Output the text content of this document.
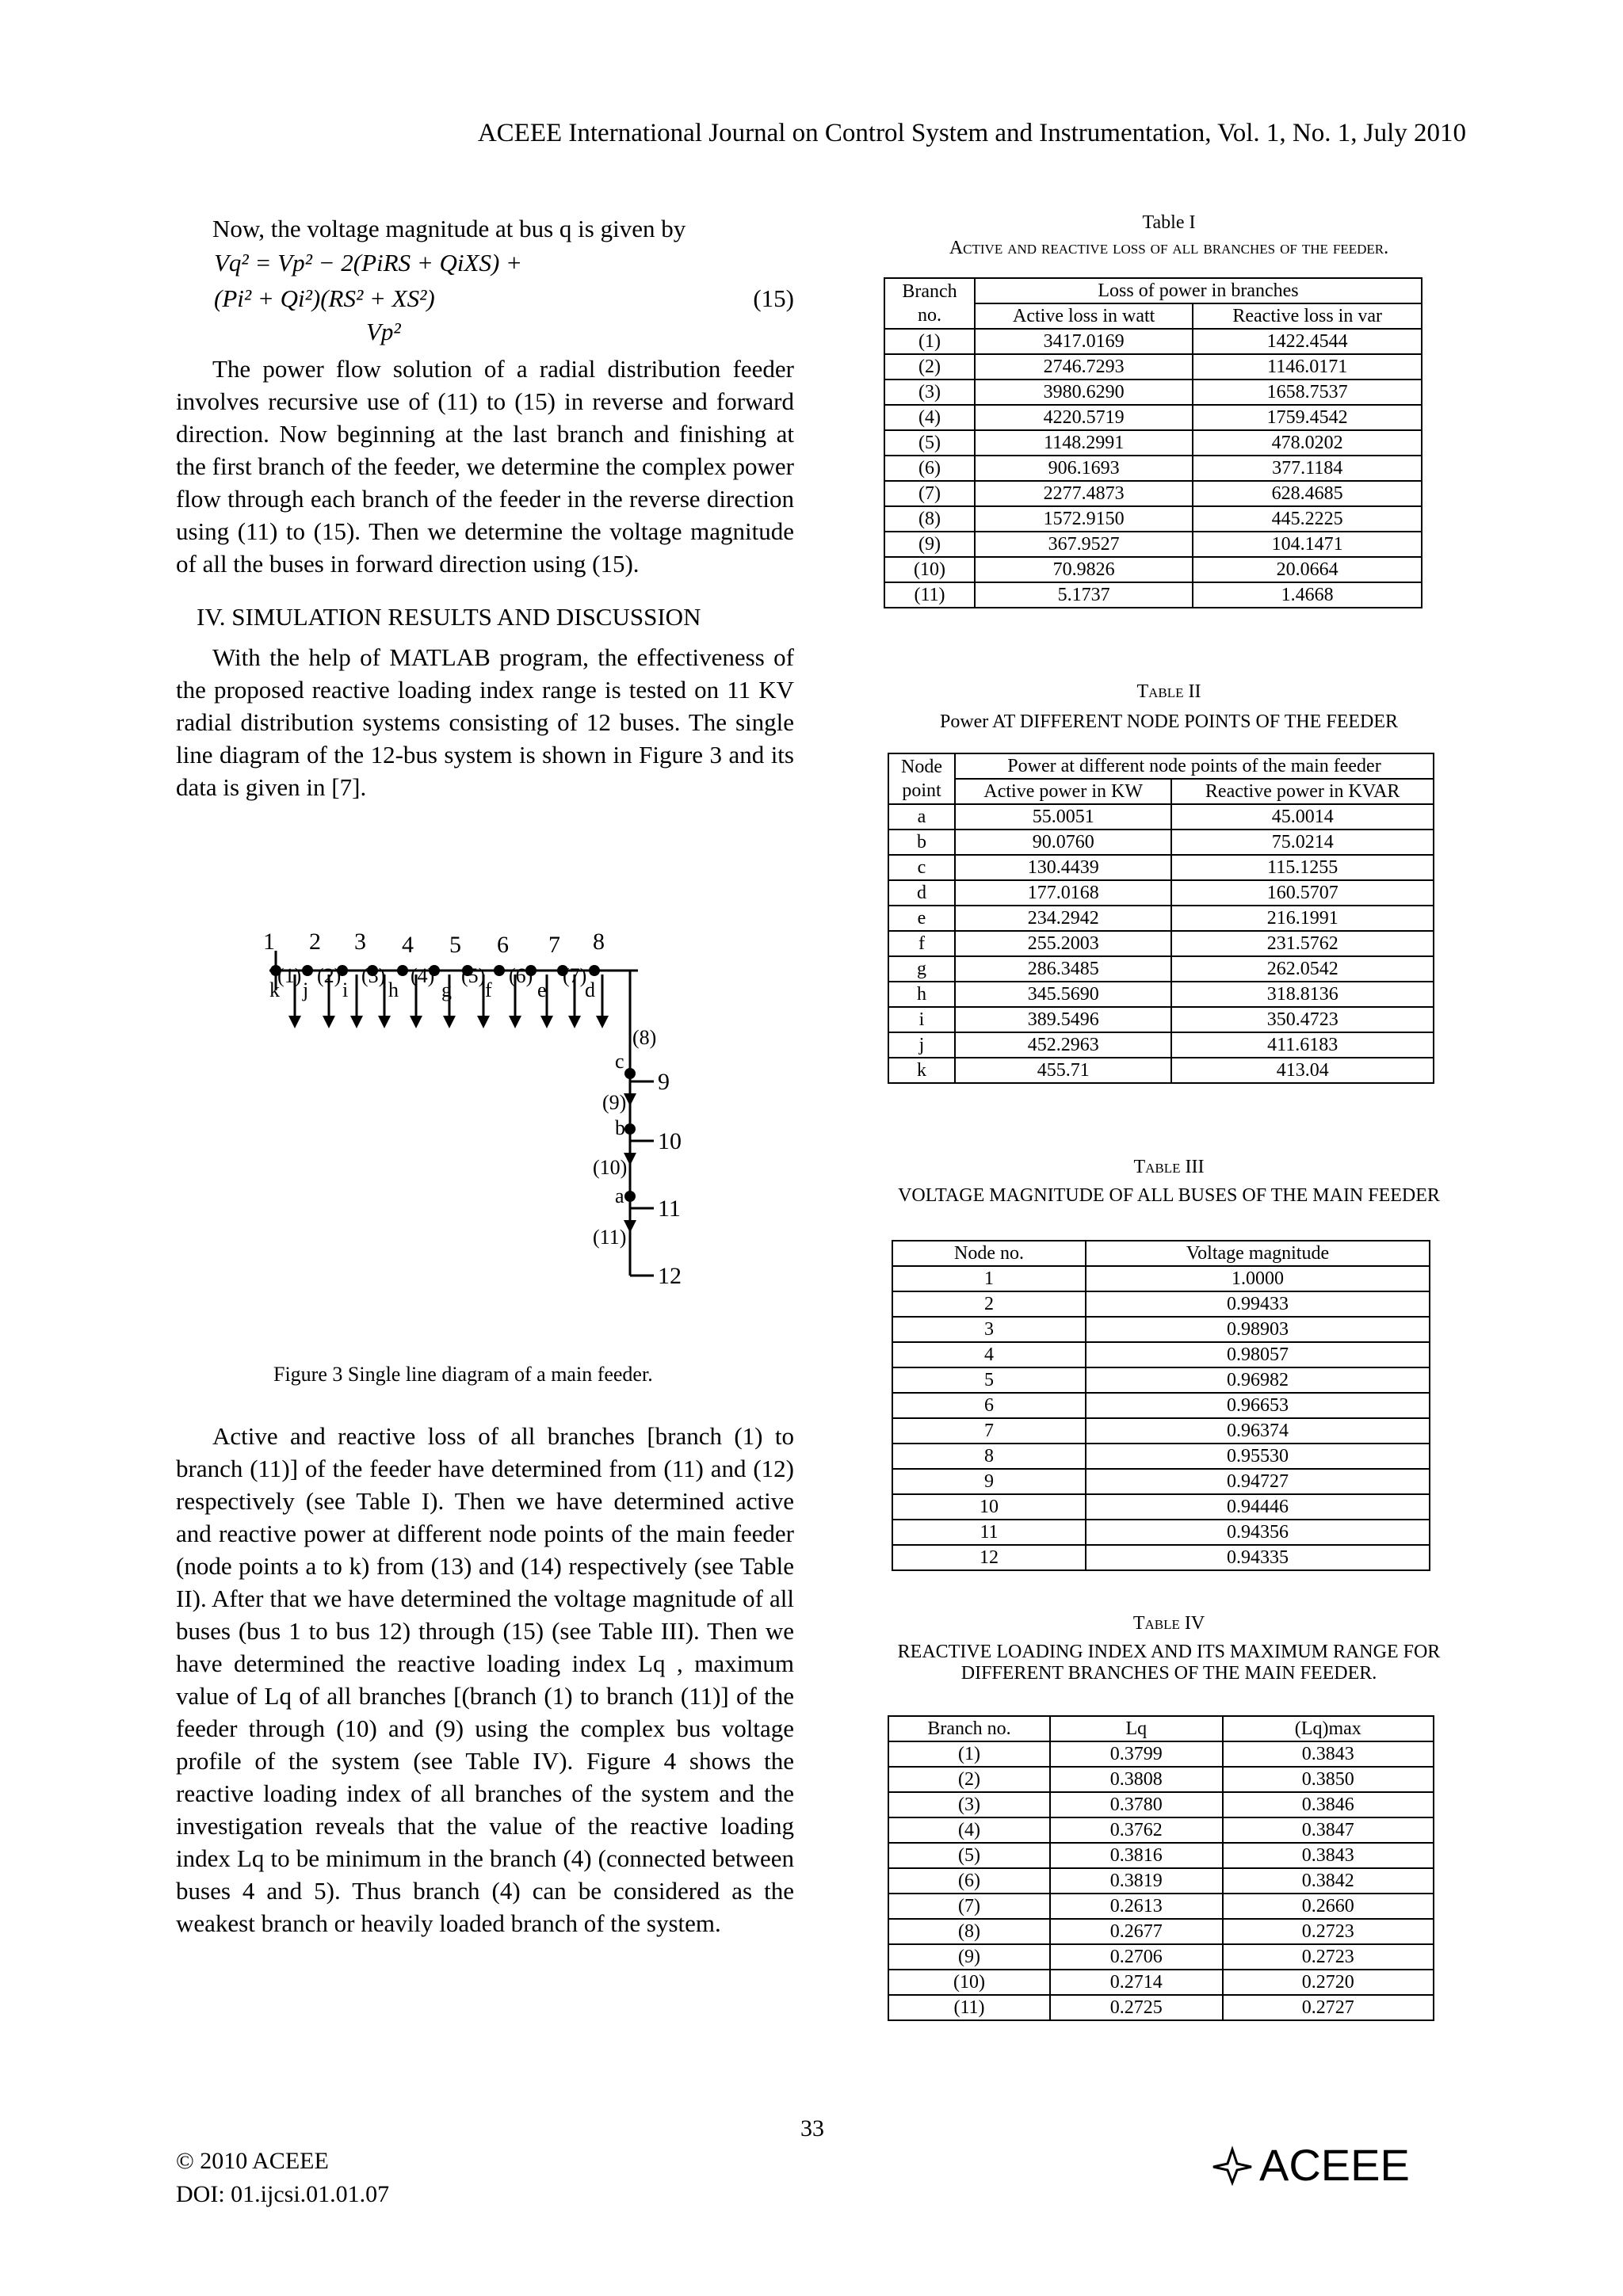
ACEEE International Journal on Control System and Instrumentation, Vol. 1, No. 1, July 2010
Now, the voltage magnitude at bus q is given by
Vq² = Vp² − 2(PiRS + QiXS) +
(Pi² + Qi²)(RS² + XS²)	(15)
Vp²

The power flow solution of a radial distribution feeder involves recursive use of (11) to (15) in reverse and forward direction. Now beginning at the last branch and finishing at the first branch of the feeder, we determine the complex power flow through each branch of the feeder in the reverse direction using (11) to (15). Then we determine the voltage magnitude of all the buses in forward direction using (15).

IV. SIMULATION RESULTS AND DISCUSSION

With the help of MATLAB program, the effectiveness of the proposed reactive loading index range is tested on 11 KV radial distribution systems consisting of 12 buses. The single line diagram of the 12-bus system is shown in Figure 3 and its data is given in [7].

1 2 3 4 5 6 7 8
9
10
11
12
(1) (2) (3) (4) (5) (6) (7)
(8)
(9)
(10)
(11)
k j i h g f e d
c
b
a
Figure 3 Single line diagram of a main feeder.

Active and reactive loss of all branches [branch (1) to branch (11)] of the feeder have determined from (11) and (12) respectively (see Table I). Then we have determined active and reactive power at different node points of the main feeder (node points a to k) from (13) and (14) respectively (see Table II). After that we have determined the voltage magnitude of all buses (bus 1 to bus 12) through (15) (see Table III). Then we have determined the reactive loading index Lq , maximum value of Lq of all branches [(branch (1) to branch (11)] of the feeder through (10) and (9) using the complex bus voltage profile of the system (see Table IV). Figure 4 shows the reactive loading index of all branches of the system and the investigation reveals that the value of the reactive loading index Lq to be minimum in the branch (4) (connected between buses 4 and 5). Thus branch (4) can be considered as the weakest branch or heavily loaded branch of the system.

Table I
Active and reactive loss of all branches of the feeder.
Branch no.	Loss of power in branches	
	Active loss in watt	Reactive loss in var
(1)	3417.0169	1422.4544
(2)	2746.7293	1146.0171
(3)	3980.6290	1658.7537
(4)	4220.5719	1759.4542
(5)	1148.2991	478.0202
(6)	906.1693	377.1184
(7)	2277.4873	628.4685
(8)	1572.9150	445.2225
(9)	367.9527	104.1471
(10)	70.9826	20.0664
(11)	5.1737	1.4668
Table II
Power AT DIFFERENT NODE POINTS OF THE FEEDER
Node point	Power at different node points of the main feeder	
	Active power in KW	Reactive power in KVAR
a	55.0051	45.0014
b	90.0760	75.0214
c	130.4439	115.1255
d	177.0168	160.5707
e	234.2942	216.1991
f	255.2003	231.5762
g	286.3485	262.0542
h	345.5690	318.8136
i	389.5496	350.4723
j	452.2963	411.6183
k	455.71	413.04
Table III
VOLTAGE MAGNITUDE OF ALL BUSES OF THE MAIN FEEDER
Node no.	Voltage magnitude
1	1.0000
2	0.99433
3	0.98903
4	0.98057
5	0.96982
6	0.96653
7	0.96374
8	0.95530
9	0.94727
10	0.94446
11	0.94356
12	0.94335
Table IV
REACTIVE LOADING INDEX AND ITS MAXIMUM RANGE FOR DIFFERENT BRANCHES OF THE MAIN FEEDER.
Branch no.	Lq	(Lq)max
(1)	0.3799	0.3843
(2)	0.3808	0.3850
(3)	0.3780	0.3846
(4)	0.3762	0.3847
(5)	0.3816	0.3843
(6)	0.3819	0.3842
(7)	0.2613	0.2660
(8)	0.2677	0.2723
(9)	0.2706	0.2723
(10)	0.2714	0.2720
(11)	0.2725	0.2727
33
© 2010 ACEEE
DOI: 01.ijcsi.01.01.07
ACEEE
